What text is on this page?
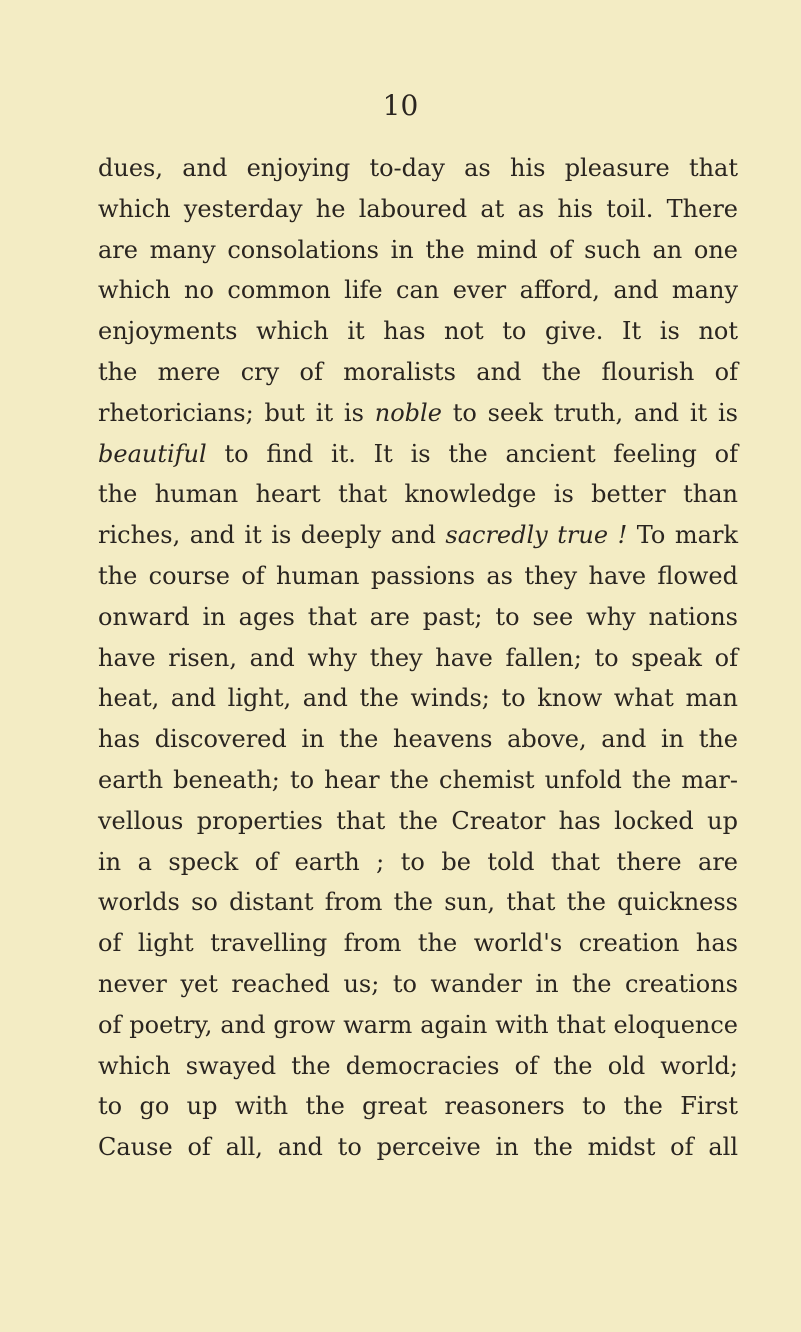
10
dues, and enjoying to-day as his pleasure that
which yesterday he laboured at as his toil. There
are many consolations in the mind of such an one
which no common life can ever afford, and many
enjoyments which it has not to give. It is not
the mere cry of moralists and the flourish of
rhetoricians; but it is noble to seek truth, and it is
beautiful to find it. It is the ancient feeling of
the human heart that knowledge is better than
riches, and it is deeply and sacredly true ! To mark
the course of human passions as they have flowed
onward in ages that are past; to see why nations
have risen, and why they have fallen; to speak of
heat, and light, and the winds; to know what man
has discovered in the heavens above, and in the
earth beneath; to hear the chemist unfold the mar-
vellous properties that the Creator has locked up
in a speck of earth ; to be told that there are
worlds so distant from the sun, that the quickness
of light travelling from the world's creation has
never yet reached us; to wander in the creations
of poetry, and grow warm again with that eloquence
which swayed the democracies of the old world;
to go up with the great reasoners to the First
Cause of all, and to perceive in the midst of all
